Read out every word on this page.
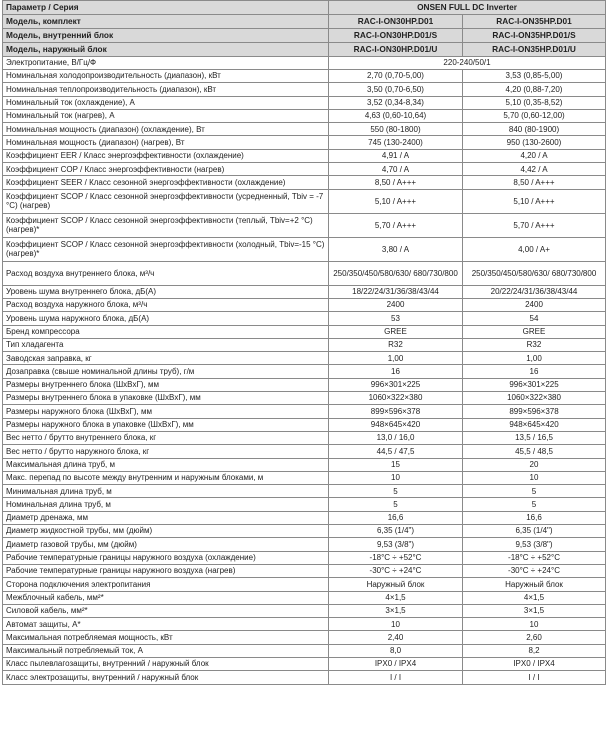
Параметр / Серия	ONSEN FULL DC Inverter	
Модель, комплект	RAC-I-ON30HP.D01	RAC-I-ON35HP.D01
Модель, внутренний блок	RAC-I-ON30HP.D01/S	RAC-I-ON35HP.D01/S
Модель, наружный блок	RAC-I-ON30HP.D01/U	RAC-I-ON35HP.D01/U
Электропитание, В/Гц/Ф	220-240/50/1	
Номинальная холодопроизводительность (диапазон), кВт	2,70 (0,70-5,00)	3,53 (0,85-5,00)
Номинальная теплопроизводительность (диапазон), кВт	3,50 (0,70-6,50)	4,20 (0,88-7,20)
Номинальный ток (охлаждение), А	3,52 (0,34-8,34)	5,10 (0,35-8,52)
Номинальный ток (нагрев), А	4,63 (0,60-10,64)	5,70 (0,60-12,00)
Номинальная мощность (диапазон) (охлаждение), Вт	550 (80-1800)	840 (80-1900)
Номинальная мощность (диапазон) (нагрев), Вт	745 (130-2400)	950 (130-2600)
Коэффициент EER / Класс энергоэффективности (охлаждение)	4,91 / A	4,20 / A
Коэффициент COP / Класс энергоэффективности (нагрев)	4,70 / A	4,42 / A
Коэффициент SEER / Класс сезонной энергоэффективности (охлаждение)	8,50 / A+++	8,50 / A+++
Коэффициент SCOP / Класс сезонной энергоэффективности (усредненный, Tbiv = -7 °C) (нагрев)	5,10 / A+++	5,10 / A+++
Коэффициент SCOP / Класс сезонной энергоэффективности (теплый, Tbiv=+2 °C) (нагрев)*	5,70 / A+++	5,70 / A+++
Коэффициент SCOP / Класс сезонной энергоэффективности (холодный, Tbiv=-15 °C) (нагрев)*	3,80 / A	4,00 / A+
Расход воздуха внутреннего блока, м³/ч	250/350/450/580/630/ 680/730/800	250/350/450/580/630/ 680/730/800
Уровень шума внутреннего блока, дБ(А)	18/22/24/31/36/38/43/44	20/22/24/31/36/38/43/44
Расход воздуха наружного блока, м³/ч	2400	2400
Уровень шума наружного блока, дБ(А)	53	54
Бренд компрессора	GREE	GREE
Тип хладагента	R32	R32
Заводская заправка, кг	1,00	1,00
Дозаправка (свыше номинальной длины труб), г/м	16	16
Размеры внутреннего блока (ШxВxГ), мм	996×301×225	996×301×225
Размеры внутреннего блока в упаковке (ШxВxГ), мм	1060×322×380	1060×322×380
Размеры наружного блока (ШxВxГ), мм	899×596×378	899×596×378
Размеры наружного блока в упаковке (ШxВxГ), мм	948×645×420	948×645×420
Вес нетто / брутто внутреннего блока, кг	13,0 / 16,0	13,5 / 16,5
Вес нетто / брутто наружного блока, кг	44,5 / 47,5	45,5 / 48,5
Максимальная длина труб, м	15	20
Макс. перепад по высоте между внутренним и наружным блоками, м	10	10
Минимальная длина труб, м	5	5
Номинальная длина труб, м	5	5
Диаметр дренажа, мм	16,6	16,6
Диаметр жидкостной трубы, мм (дюйм)	6,35 (1/4")	6,35 (1/4")
Диаметр газовой трубы, мм (дюйм)	9,53 (3/8")	9,53 (3/8")
Рабочие температурные границы наружного воздуха (охлаждение)	-18°C ÷ +52°C	-18°C ÷ +52°C
Рабочие температурные границы наружного воздуха (нагрев)	-30°C ÷ +24°C	-30°C ÷ +24°C
Сторона подключения электропитания	Наружный блок	Наружный блок
Межблочный кабель, мм²*	4×1,5	4×1,5
Силовой кабель, мм²*	3×1,5	3×1,5
Автомат защиты, А*	10	10
Максимальная потребляемая мощность, кВт	2,40	2,60
Максимальный потребляемый ток, А	8,0	8,2
Класс пылевлагозащиты, внутренний / наружный блок	IPX0 / IPX4	IPX0 / IPX4
Класс электрозащиты, внутренний / наружный блок	I / I	I / I
